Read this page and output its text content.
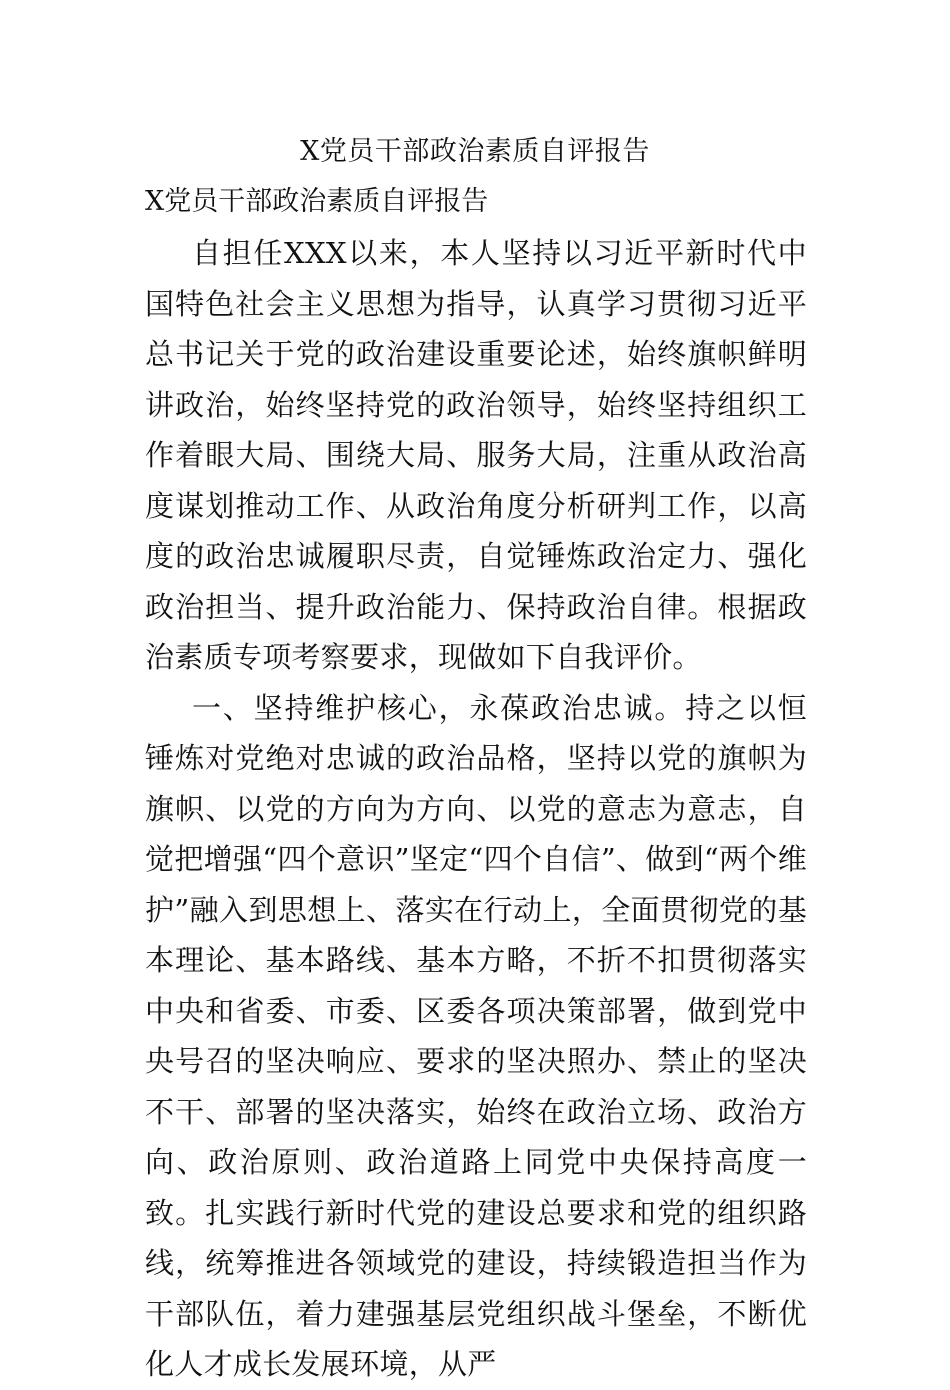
X党员干部政治素质自评报告
X党员干部政治素质自评报告

自担任XXX以来，本人坚持以习近平新时代中国特色社会主义思想为指导，认真学习贯彻习近平总书记关于党的政治建设重要论述，始终旗帜鲜明讲政治，始终坚持党的政治领导，始终坚持组织工作着眼大局、围绕大局、服务大局，注重从政治高度谋划推动工作、从政治角度分析研判工作，以高度的政治忠诚履职尽责，自觉锤炼政治定力、强化政治担当、提升政治能力、保持政治自律。根据政治素质专项考察要求，现做如下自我评价。

一、坚持维护核心，永葆政治忠诚。持之以恒锤炼对党绝对忠诚的政治品格，坚持以党的旗帜为旗帜、以党的方向为方向、以党的意志为意志，自觉把增强“四个意识”坚定“四个自信”、做到“两个维护”融入到思想上、落实在行动上，全面贯彻党的基本理论、基本路线、基本方略，不折不扣贯彻落实中央和省委、市委、区委各项决策部署，做到党中央号召的坚决响应、要求的坚决照办、禁止的坚决不干、部署的坚决落实，始终在政治立场、政治方向、政治原则、政治道路上同党中央保持高度一致。扎实践行新时代党的建设总要求和党的组织路线，统筹推进各领域党的建设，持续锻造担当作为干部队伍，着力建强基层党组织战斗堡垒，不断优化人才成长发展环境，从严
